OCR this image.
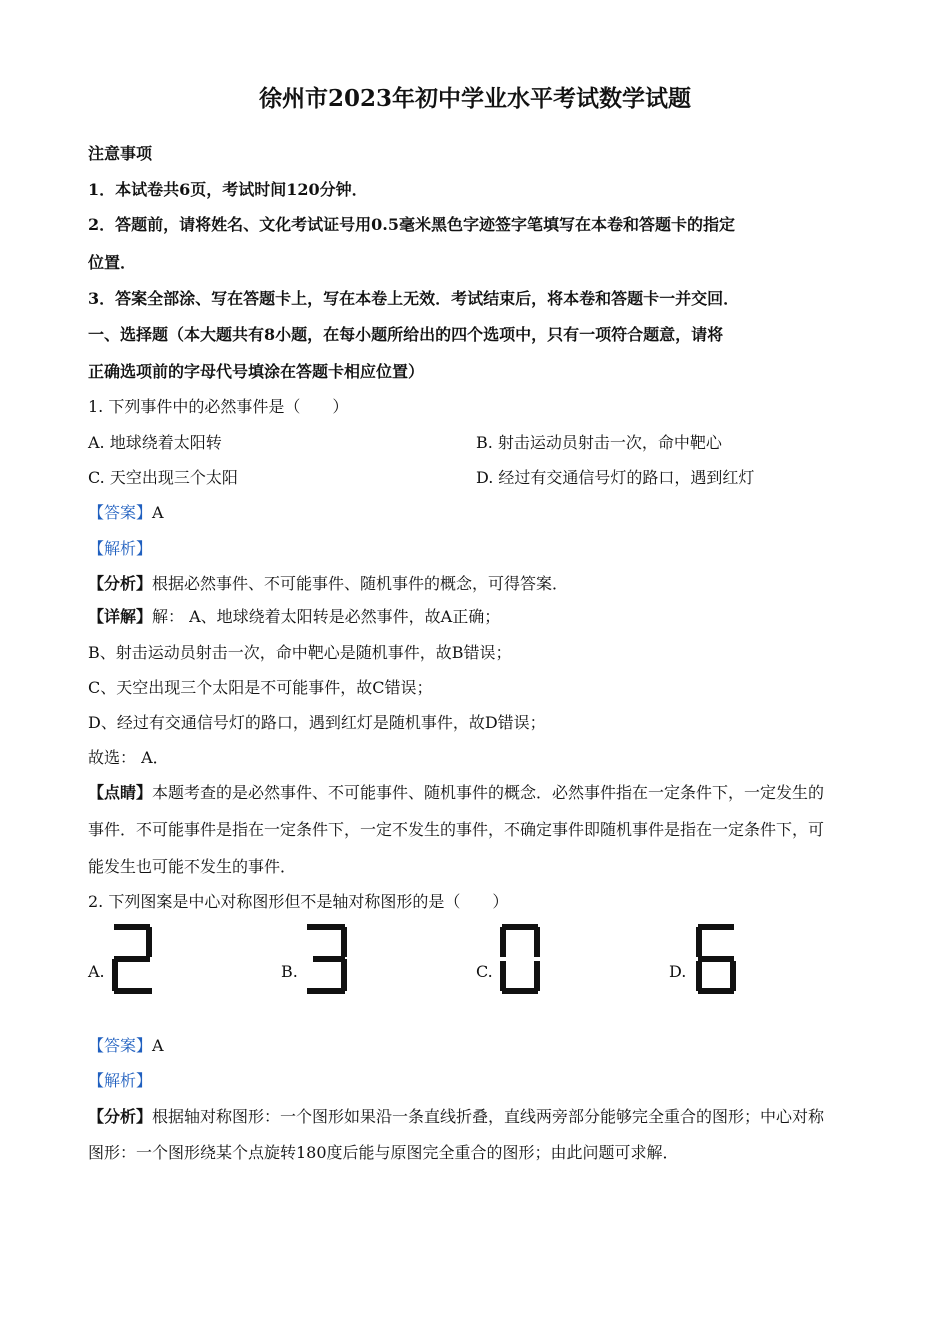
徐州市2023年初中学业水平考试数学试题
注意事项
1．本试卷共6页，考试时间120分钟．
2．答题前，请将姓名、文化考试证号用0.5毫米黑色字迹签字笔填写在本卷和答题卡的指定
位置．
3．答案全部涂、写在答题卡上，写在本卷上无效．考试结束后，将本卷和答题卡一并交回．
一、选择题（本大题共有8小题，在每小题所给出的四个选项中，只有一项符合题意，请将
正确选项前的字母代号填涂在答题卡相应位置）
1. 下列事件中的必然事件是（　　）
A. 地球绕着太阳转	B. 射击运动员射击一次，命中靶心
C. 天空出现三个太阳	D. 经过有交通信号灯的路口，遇到红灯
【答案】A
【解析】
【分析】根据必然事件、不可能事件、随机事件的概念，可得答案．
【详解】解： A、地球绕着太阳转是必然事件，故A正确；
B、射击运动员射击一次，命中靶心是随机事件，故B错误；
C、天空出现三个太阳是不可能事件，故C错误；
D、经过有交通信号灯的路口，遇到红灯是随机事件，故D错误；
故选： A．
【点睛】本题考查的是必然事件、不可能事件、随机事件的概念．必然事件指在一定条件下，一定发生的
事件．不可能事件是指在一定条件下，一定不发生的事件，不确定事件即随机事件是指在一定条件下，可
能发生也可能不发生的事件．
2. 下列图案是中心对称图形但不是轴对称图形的是（　　）
A.	B.	C.	D.
【答案】A
【解析】
【分析】根据轴对称图形：一个图形如果沿一条直线折叠，直线两旁部分能够完全重合的图形；中心对称
图形：一个图形绕某个点旋转180度后能与原图完全重合的图形；由此问题可求解．
